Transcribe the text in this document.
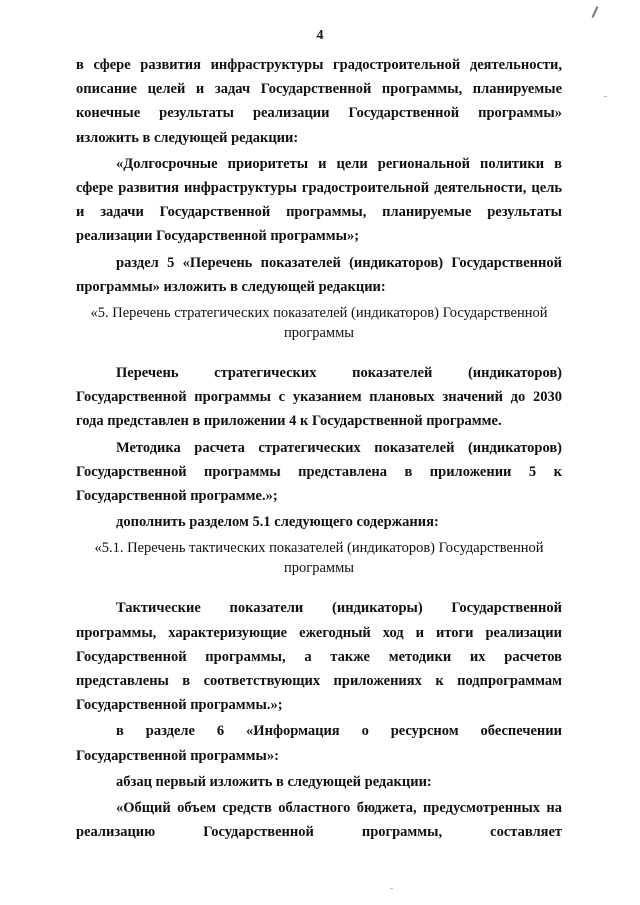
4

в сфере развития инфраструктуры градостроительной деятельности, описание целей и задач Государственной программы, планируемые конечные результаты реализации Государственной программы» изложить в следующей редакции:

«Долгосрочные приоритеты и цели региональной политики в сфере развития инфраструктуры градостроительной деятельности, цель и задачи Государственной программы, планируемые результаты реализации Государственной программы»;

раздел 5 «Перечень показателей (индикаторов) Государственной программы» изложить в следующей редакции:

«5. Перечень стратегических показателей (индикаторов) Государственной программы

Перечень стратегических показателей (индикаторов) Государственной программы с указанием плановых значений до 2030 года представлен в приложении 4 к Государственной программе.

Методика расчета стратегических показателей (индикаторов) Государственной программы представлена в приложении 5 к Государственной программе.»;

дополнить разделом 5.1 следующего содержания:

«5.1. Перечень тактических показателей (индикаторов) Государственной программы

Тактические показатели (индикаторы) Государственной программы, характеризующие ежегодный ход и итоги реализации Государственной программы, а также методики их расчетов представлены в соответствующих приложениях к подпрограммам Государственной программы.»;

в разделе 6 «Информация о ресурсном обеспечении Государственной программы»:

абзац первый изложить в следующей редакции:

«Общий объем средств областного бюджета, предусмотренных на реализацию Государственной программы, составляет
